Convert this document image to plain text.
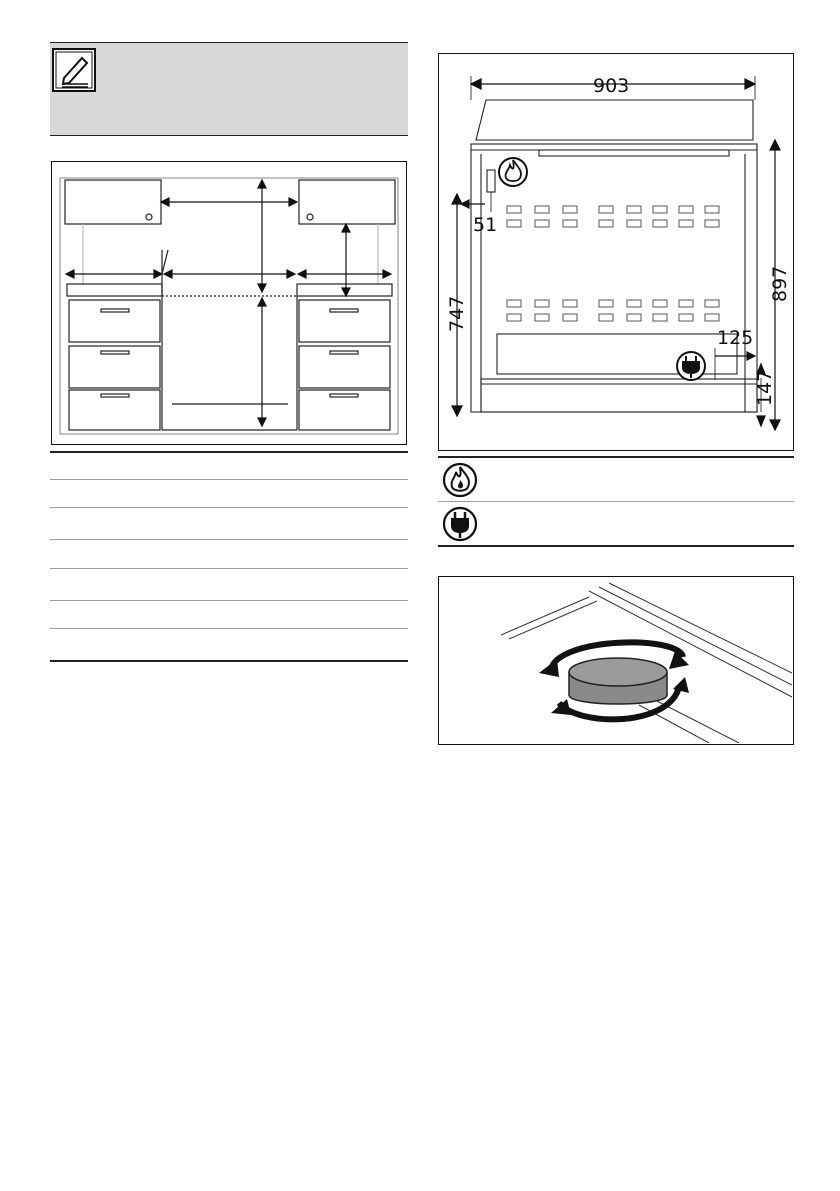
903
897
747
51
125
147
